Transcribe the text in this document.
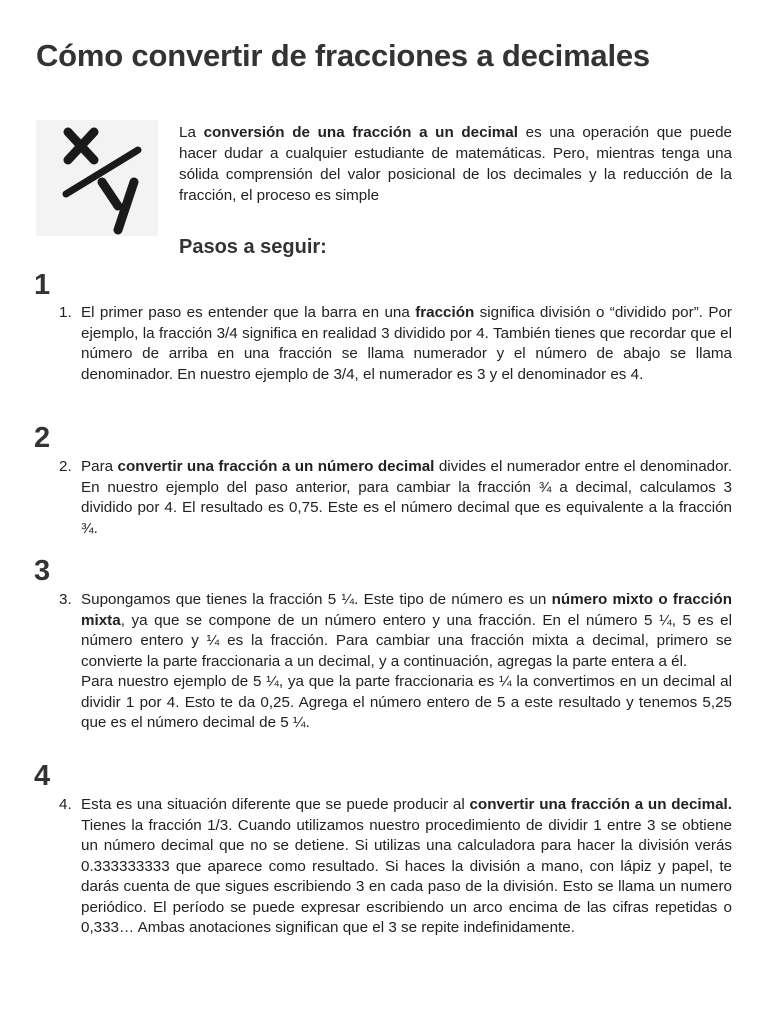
Cómo convertir de fracciones a decimales

La conversión de una fracción a un decimal es una operación que puede hacer dudar a cualquier estudiante de matemáticas. Pero, mientras tenga una sólida comprensión del valor posicional de los decimales y la reducción de la fracción, el proceso es simple

Pasos a seguir:
1

1. El primer paso es entender que la barra en una fracción significa división o “dividido por”. Por ejemplo, la fracción 3/4 significa en realidad 3 dividido por 4. También tienes que recordar que el número de arriba en una fracción se llama numerador y el número de abajo se llama denominador. En nuestro ejemplo de 3/4, el numerador es 3 y el denominador es 4.

2

2. Para convertir una fracción a un número decimal divides el numerador entre el denominador. En nuestro ejemplo del paso anterior, para cambiar la fracción ¾ a decimal, calculamos 3 dividido por 4. El resultado es 0,75. Este es el número decimal que es equivalente a la fracción ¾.

3

3. Supongamos que tienes la fracción 5 ¼. Este tipo de número es un número mixto o fracción mixta, ya que se compone de un número entero y una fracción. En el número 5 ¼, 5 es el número entero y ¼ es la fracción. Para cambiar una fracción mixta a decimal, primero se convierte la parte fraccionaria a un decimal, y a continuación, agregas la parte entera a él.
Para nuestro ejemplo de 5 ¼, ya que la parte fraccionaria es ¼ la convertimos en un decimal al dividir 1 por 4. Esto te da 0,25. Agrega el número entero de 5 a este resultado y tenemos 5,25 que es el número decimal de 5 ¼.

4

4. Esta es una situación diferente que se puede producir al convertir una fracción a un decimal. Tienes la fracción 1/3. Cuando utilizamos nuestro procedimiento de dividir 1 entre 3 se obtiene un número decimal que no se detiene. Si utilizas una calculadora para hacer la división verás 0.333333333 que aparece como resultado. Si haces la división a mano, con lápiz y papel, te darás cuenta de que sigues escribiendo 3 en cada paso de la división. Esto se llama un numero periódico. El período se puede expresar escribiendo un arco encima de las cifras repetidas o 0,333… Ambas anotaciones significan que el 3 se repite indefinidamente.
